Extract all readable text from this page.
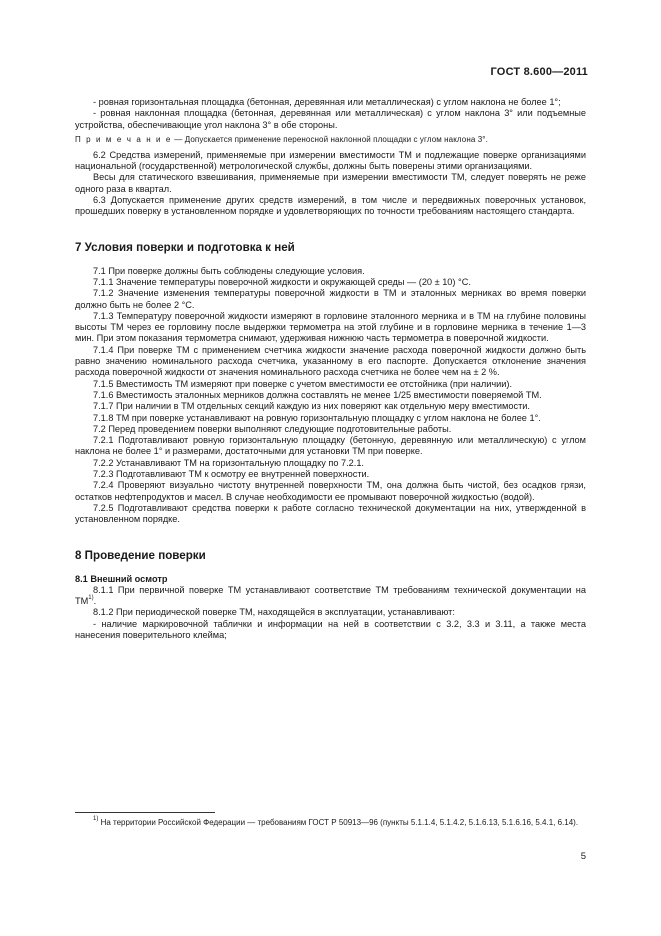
ГОСТ 8.600—2011

- ровная горизонтальная площадка (бетонная, деревянная или металлическая) с углом наклона не более 1°;

- ровная наклонная площадка (бетонная, деревянная или металлическая) с углом наклона 3° или подъемные устройства, обеспечивающие угол наклона 3° в обе стороны.

П р и м е ч а н и е — Допускается применение переносной наклонной площадки с углом наклона 3°.

6.2 Средства измерений, применяемые при измерении вместимости ТМ и подлежащие поверке организациями национальной (государственной) метрологической службы, должны быть поверены этими организациями.

Весы для статического взвешивания, применяемые при измерении вместимости ТМ, следует поверять не реже одного раза в квартал.

6.3 Допускается применение других средств измерений, в том числе и передвижных поверочных установок, прошедших поверку в установленном порядке и удовлетворяющих по точности требованиям настоящего стандарта.

7 Условия поверки и подготовка к ней

7.1 При поверке должны быть соблюдены следующие условия.

7.1.1 Значение температуры поверочной жидкости и окружающей среды — (20 ± 10) °C.

7.1.2 Значение изменения температуры поверочной жидкости в ТМ и эталонных мерниках во время поверки должно быть не более 2 °C.

7.1.3 Температуру поверочной жидкости измеряют в горловине эталонного мерника и в ТМ на глубине половины высоты ТМ через ее горловину после выдержки термометра на этой глубине и в горловине мерника в течение 1—3 мин. При этом показания термометра снимают, удерживая нижнюю часть термометра в поверочной жидкости.

7.1.4 При поверке ТМ с применением счетчика жидкости значение расхода поверочной жидкости должно быть равно значению номинального расхода счетчика, указанному в его паспорте. Допускается отклонение значения расхода поверочной жидкости от значения номинального расхода счетчика не более чем на ± 2 %.

7.1.5 Вместимость ТМ измеряют при поверке с учетом вместимости ее отстойника (при наличии).

7.1.6 Вместимость эталонных мерников должна составлять не менее 1/25 вместимости поверяемой ТМ.

7.1.7 При наличии в ТМ отдельных секций каждую из них поверяют как отдельную меру вместимости.

7.1.8 ТМ при поверке устанавливают на ровную горизонтальную площадку с углом наклона не более 1°.

7.2 Перед проведением поверки выполняют следующие подготовительные работы.

7.2.1 Подготавливают ровную горизонтальную площадку (бетонную, деревянную или металлическую) с углом наклона не более 1° и размерами, достаточными для установки ТМ при поверке.

7.2.2 Устанавливают ТМ на горизонтальную площадку по 7.2.1.

7.2.3 Подготавливают ТМ к осмотру ее внутренней поверхности.

7.2.4 Проверяют визуально чистоту внутренней поверхности ТМ, она должна быть чистой, без осадков грязи, остатков нефтепродуктов и масел. В случае необходимости ее промывают поверочной жидкостью (водой).

7.2.5 Подготавливают средства поверки к работе согласно технической документации на них, утвержденной в установленном порядке.

8 Проведение поверки
8.1 Внешний осмотр

8.1.1 При первичной поверке ТМ устанавливают соответствие ТМ требованиям технической документации на ТМ$^{1)}$.

8.1.2 При периодической поверке ТМ, находящейся в эксплуатации, устанавливают:

- наличие маркировочной таблички и информации на ней в соответствии с 3.2, 3.3 и 3.11, а также места нанесения поверительного клейма;

$^{1)}$ На территории Российской Федерации — требованиям ГОСТ Р 50913—96 (пункты 5.1.1.4, 5.1.4.2, 5.1.6.13, 5.1.6.16, 5.4.1, 6.14).
5
